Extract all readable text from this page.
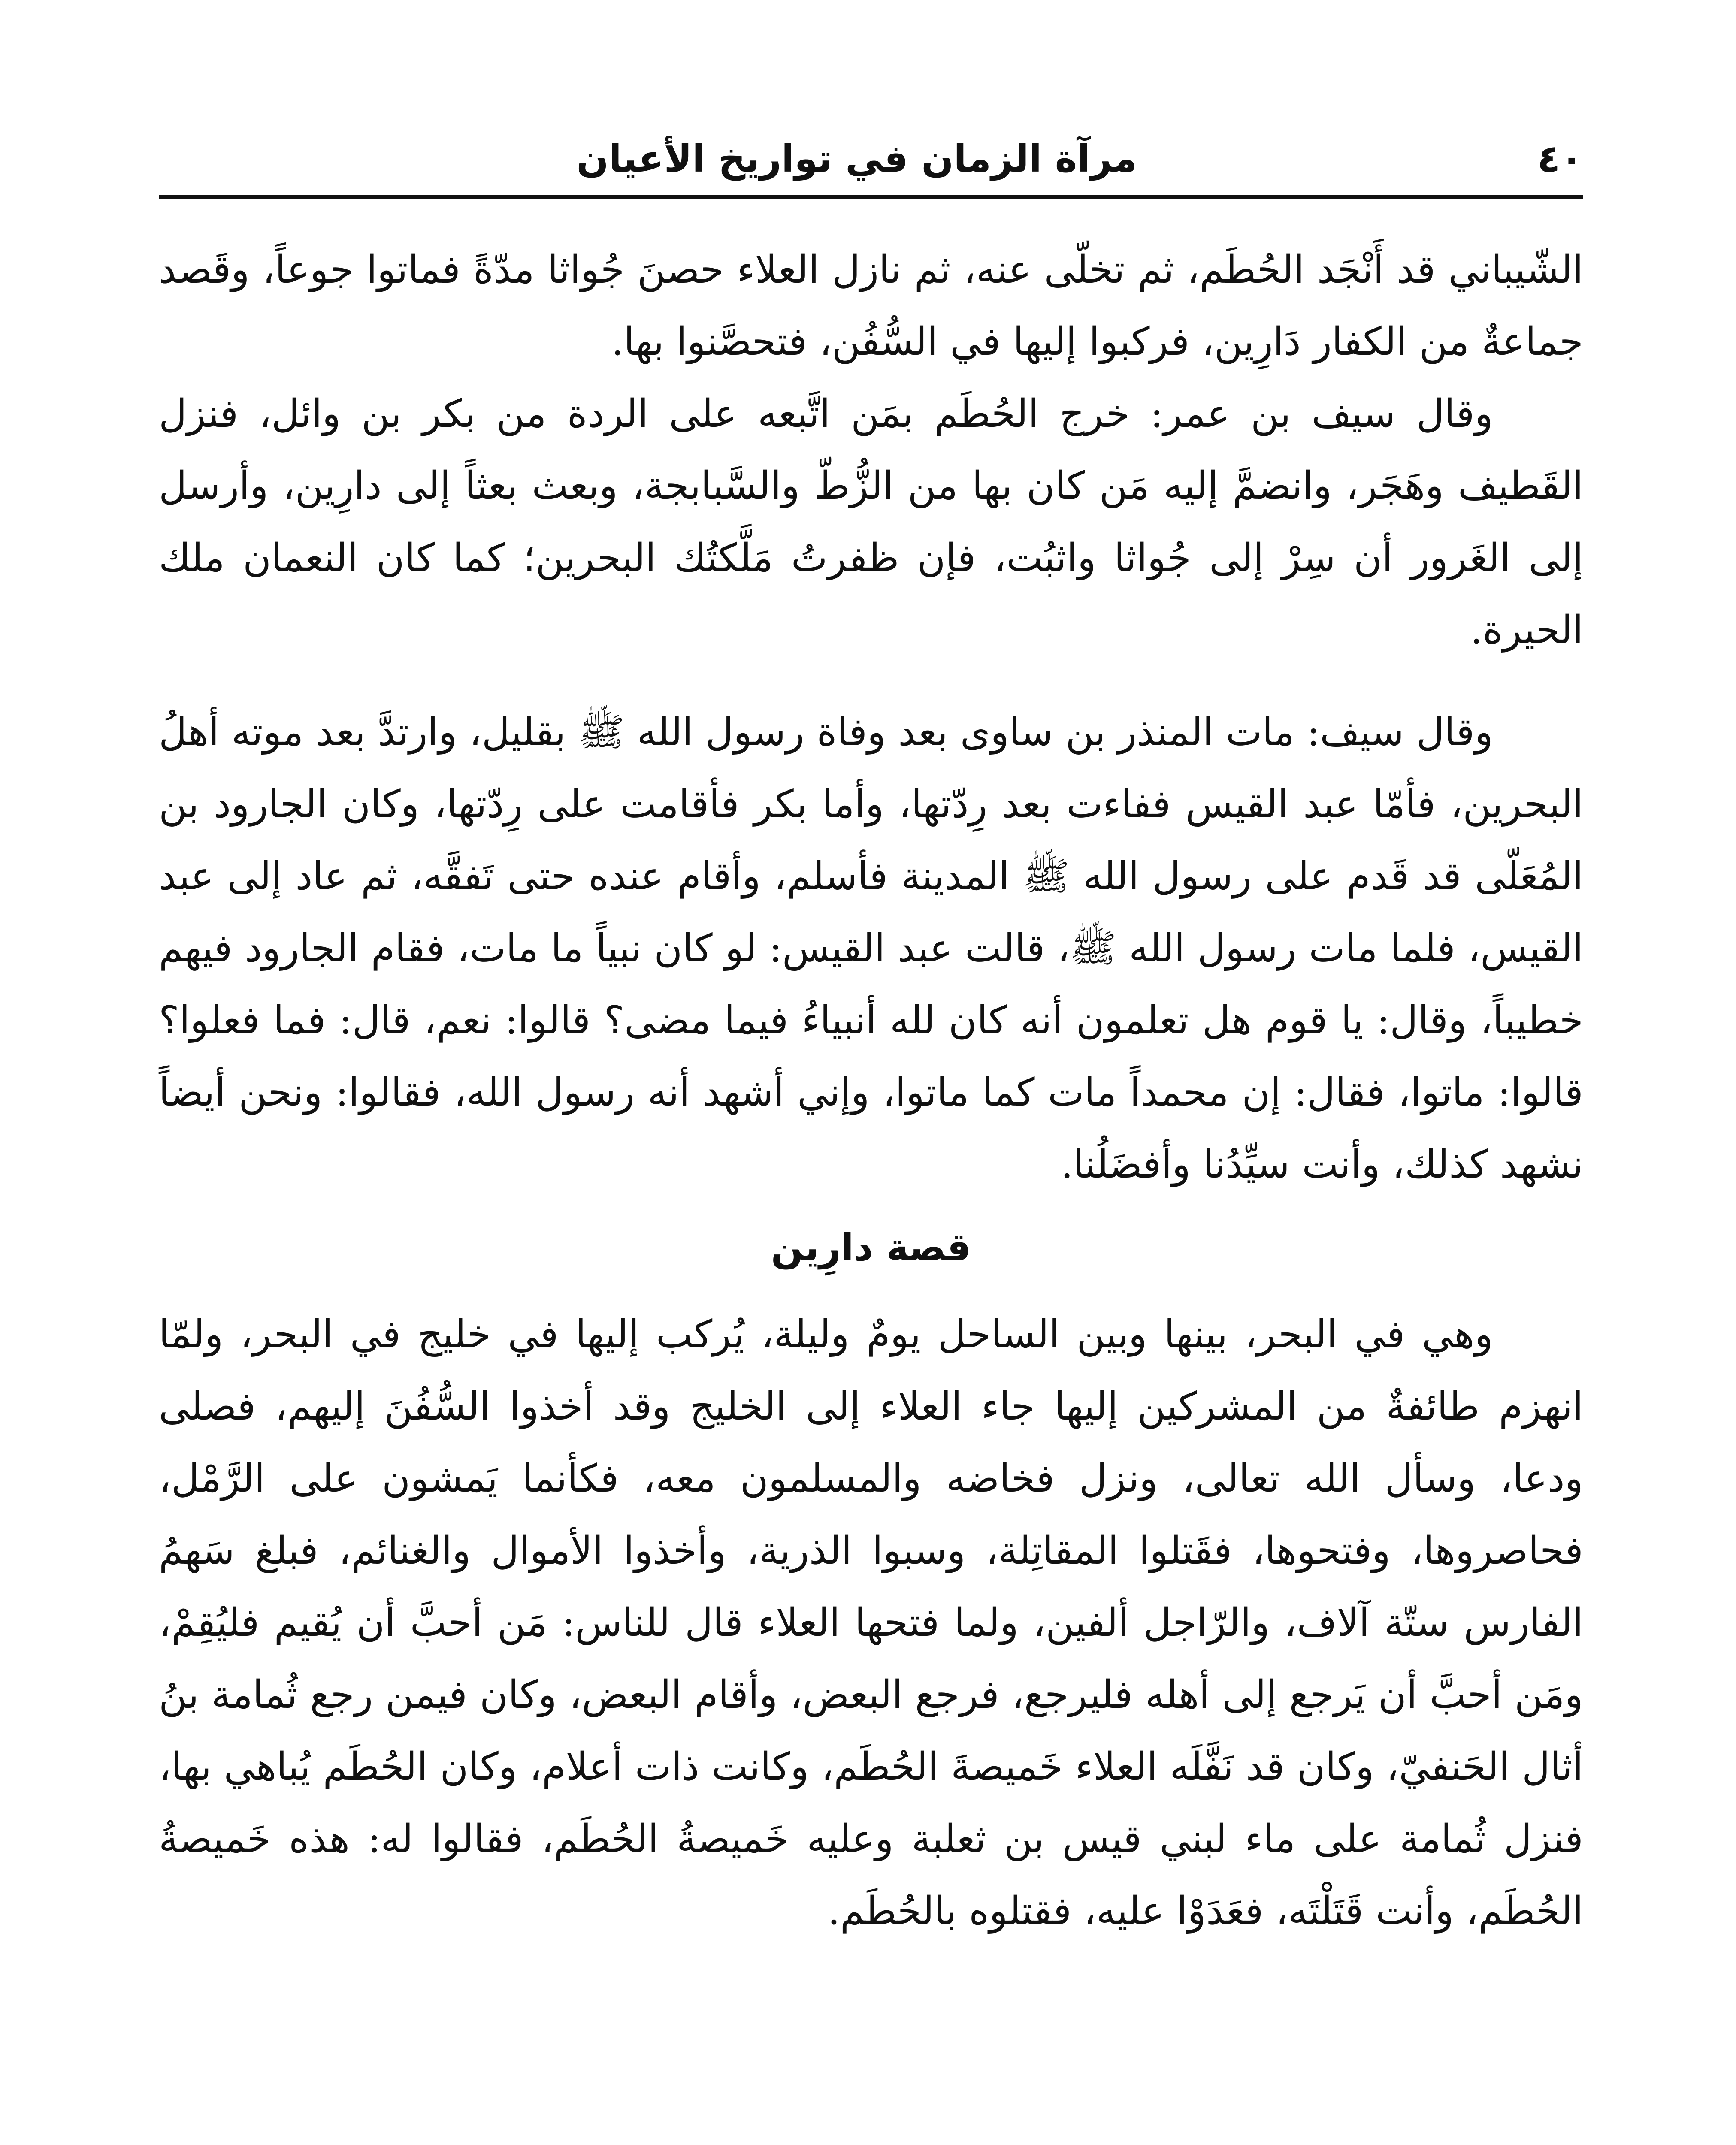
٤٠
مرآة الزمان في تواريخ الأعيان

الشّيباني قد أَنْجَد الحُطَم، ثم تخلّى عنه، ثم نازل العلاء حصنَ جُواثا مدّةً فماتوا جوعاً، وقَصد جماعةٌ من الكفار دَارِين، فركبوا إليها في السُّفُن، فتحصَّنوا بها.

وقال سيف بن عمر: خرج الحُطَم بمَن اتَّبعه على الردة من بكر بن وائل، فنزل القَطيف وهَجَر، وانضمَّ إليه مَن كان بها من الزُّطّ والسَّبابجة، وبعث بعثاً إلى دارِين، وأرسل إلى الغَرور أن سِرْ إلى جُواثا واثبُت، فإن ظفرتُ مَلَّكتُك البحرين؛ كما كان النعمان ملك الحيرة.

وقال سيف: مات المنذر بن ساوى بعد وفاة رسول الله ﷺ بقليل، وارتدَّ بعد موته أهلُ البحرين، فأمّا عبد القيس ففاءت بعد رِدّتها، وأما بكر فأقامت على رِدّتها، وكان الجارود بن المُعَلّى قد قَدم على رسول الله ﷺ المدينة فأسلم، وأقام عنده حتى تَفقَّه، ثم عاد إلى عبد القيس، فلما مات رسول الله ﷺ، قالت عبد القيس: لو كان نبياً ما مات، فقام الجارود فيهم خطيباً، وقال: يا قوم هل تعلمون أنه كان لله أنبياءُ فيما مضى؟ قالوا: نعم، قال: فما فعلوا؟ قالوا: ماتوا، فقال: إن محمداً مات كما ماتوا، وإني أشهد أنه رسول الله، فقالوا: ونحن أيضاً نشهد كذلك، وأنت سيِّدُنا وأفضَلُنا.

قصة دارِين

وهي في البحر، بينها وبين الساحل يومٌ وليلة، يُركب إليها في خليج في البحر، ولمّا انهزم طائفةٌ من المشركين إليها جاء العلاء إلى الخليج وقد أخذوا السُّفُنَ إليهم، فصلى ودعا، وسأل الله تعالى، ونزل فخاضه والمسلمون معه، فكأنما يَمشون على الرَّمْل، فحاصروها، وفتحوها، فقَتلوا المقاتِلة، وسبوا الذرية، وأخذوا الأموال والغنائم، فبلغ سَهمُ الفارس ستّة آلاف، والرّاجل ألفين، ولما فتحها العلاء قال للناس: مَن أحبَّ أن يُقيم فليُقِمْ، ومَن أحبَّ أن يَرجع إلى أهله فليرجع، فرجع البعض، وأقام البعض، وكان فيمن رجع ثُمامة بنُ أثال الحَنفيّ، وكان قد نَفَّلَه العلاء خَميصةَ الحُطَم، وكانت ذات أعلام، وكان الحُطَم يُباهي بها، فنزل ثُمامة على ماء لبني قيس بن ثعلبة وعليه خَميصةُ الحُطَم، فقالوا له: هذه خَميصةُ الحُطَم، وأنت قَتَلْتَه، فعَدَوْا عليه، فقتلوه بالحُطَم.
